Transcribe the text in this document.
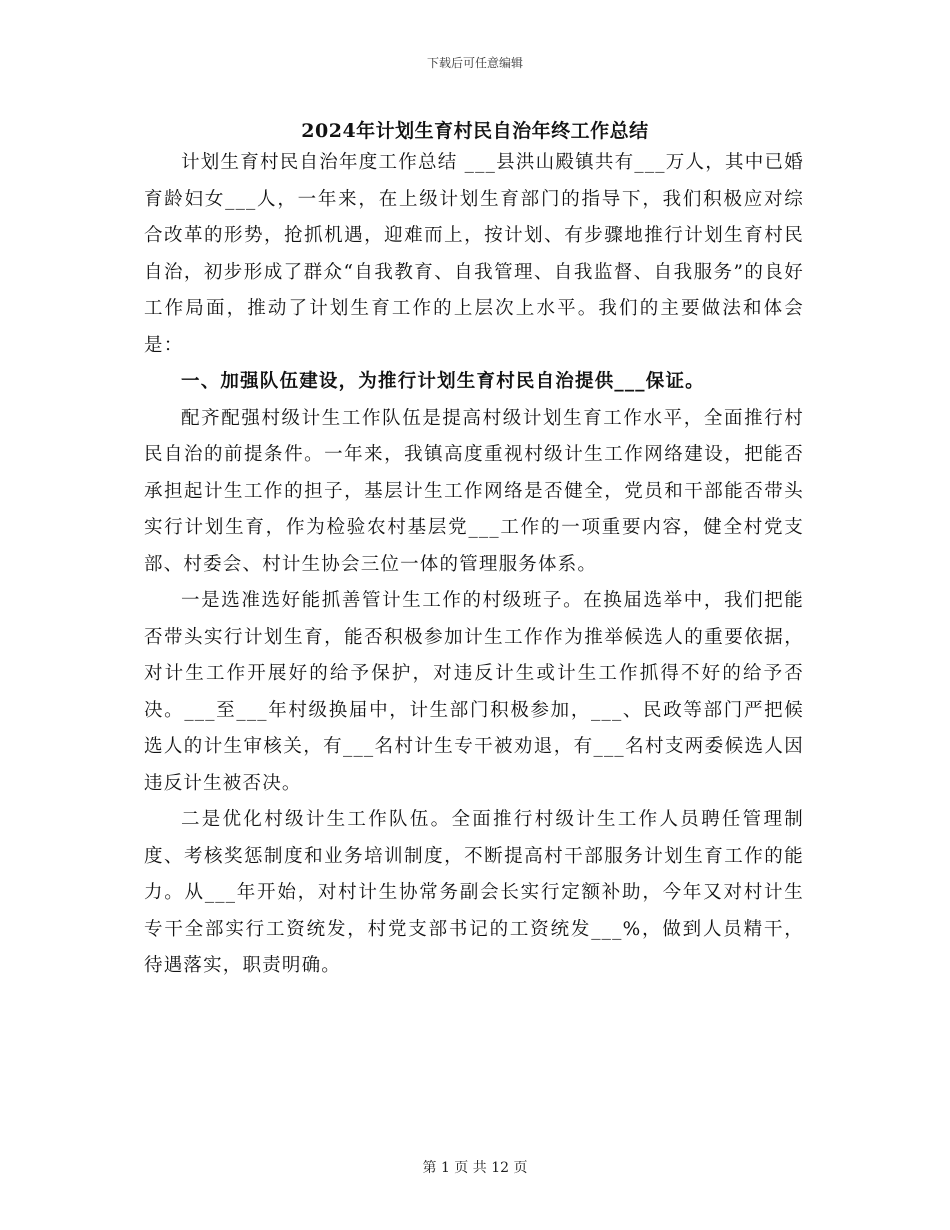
下载后可任意编辑
2024年计划生育村民自治年终工作总结

计划生育村民自治年度工作总结 ___县洪山殿镇共有___万人，其中已婚育龄妇女___人，一年来，在上级计划生育部门的指导下，我们积极应对综合改革的形势，抢抓机遇，迎难而上，按计划、有步骤地推行计划生育村民自治，初步形成了群众“自我教育、自我管理、自我监督、自我服务”的良好工作局面，推动了计划生育工作的上层次上水平。我们的主要做法和体会是：

一、加强队伍建设，为推行计划生育村民自治提供___保证。

配齐配强村级计生工作队伍是提高村级计划生育工作水平，全面推行村民自治的前提条件。一年来，我镇高度重视村级计生工作网络建设，把能否承担起计生工作的担子，基层计生工作网络是否健全，党员和干部能否带头实行计划生育，作为检验农村基层党___工作的一项重要内容，健全村党支部、村委会、村计生协会三位一体的管理服务体系。

一是选准选好能抓善管计生工作的村级班子。在换届选举中，我们把能否带头实行计划生育，能否积极参加计生工作作为推举候选人的重要依据，对计生工作开展好的给予保护，对违反计生或计生工作抓得不好的给予否决。___至___年村级换届中，计生部门积极参加，___、民政等部门严把候选人的计生审核关，有___名村计生专干被劝退，有___名村支两委候选人因违反计生被否决。

二是优化村级计生工作队伍。全面推行村级计生工作人员聘任管理制度、考核奖惩制度和业务培训制度，不断提高村干部服务计划生育工作的能力。从___年开始，对村计生协常务副会长实行定额补助，今年又对村计生专干全部实行工资统发，村党支部书记的工资统发___%，做到人员精干，待遇落实，职责明确。

第 1 页 共 12 页
